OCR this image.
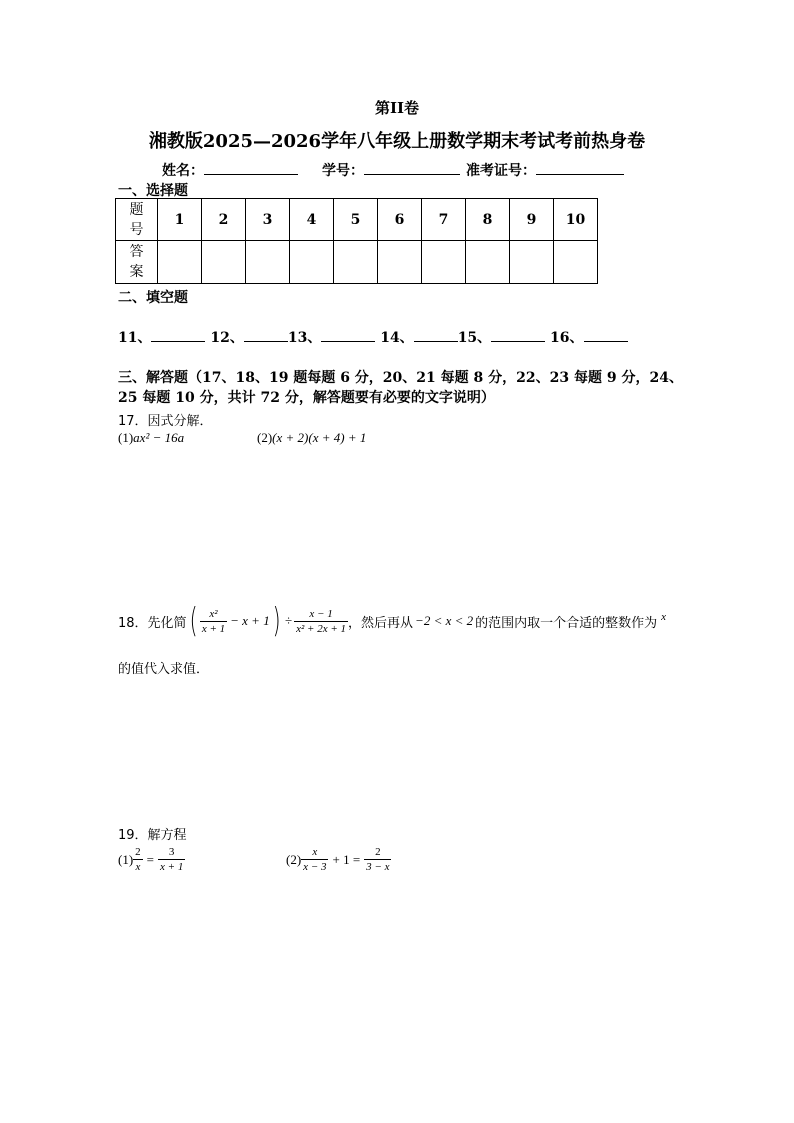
第II卷
湘教版2025—2026学年八年级上册数学期末考试考前热身卷
姓名：	学号：	准考证号：
一、选择题
题号	1	2	3	4	5	6	7	8	9	10
答案										
二、填空题
11、	12、	13、	14、	15、	16、
三、解答题（17、18、19 题每题 6 分，20、21 每题 8 分，22、23 每题 9 分，24、
25 每题 10 分，共计 72 分，解答题要有必要的文字说明）
17．因式分解．
(1)ax² − 16a	(2)(x + 2)(x + 4) + 1
18．先化简 ( $\frac{\text{x²}}{x + 1} - x + 1$ ) ÷ $\frac{x - 1}{\text{x² + 2x + 1}}$ ，然后再从 −2 < x < 2 的范围内取一个合适的整数作为 x
的值代入求值．
19．解方程
$(1) \frac{2}{x} = \frac{3}{x + 1}$	$(2) \frac{x}{x - 3} + 1 = \frac{2}{3 - x}$
